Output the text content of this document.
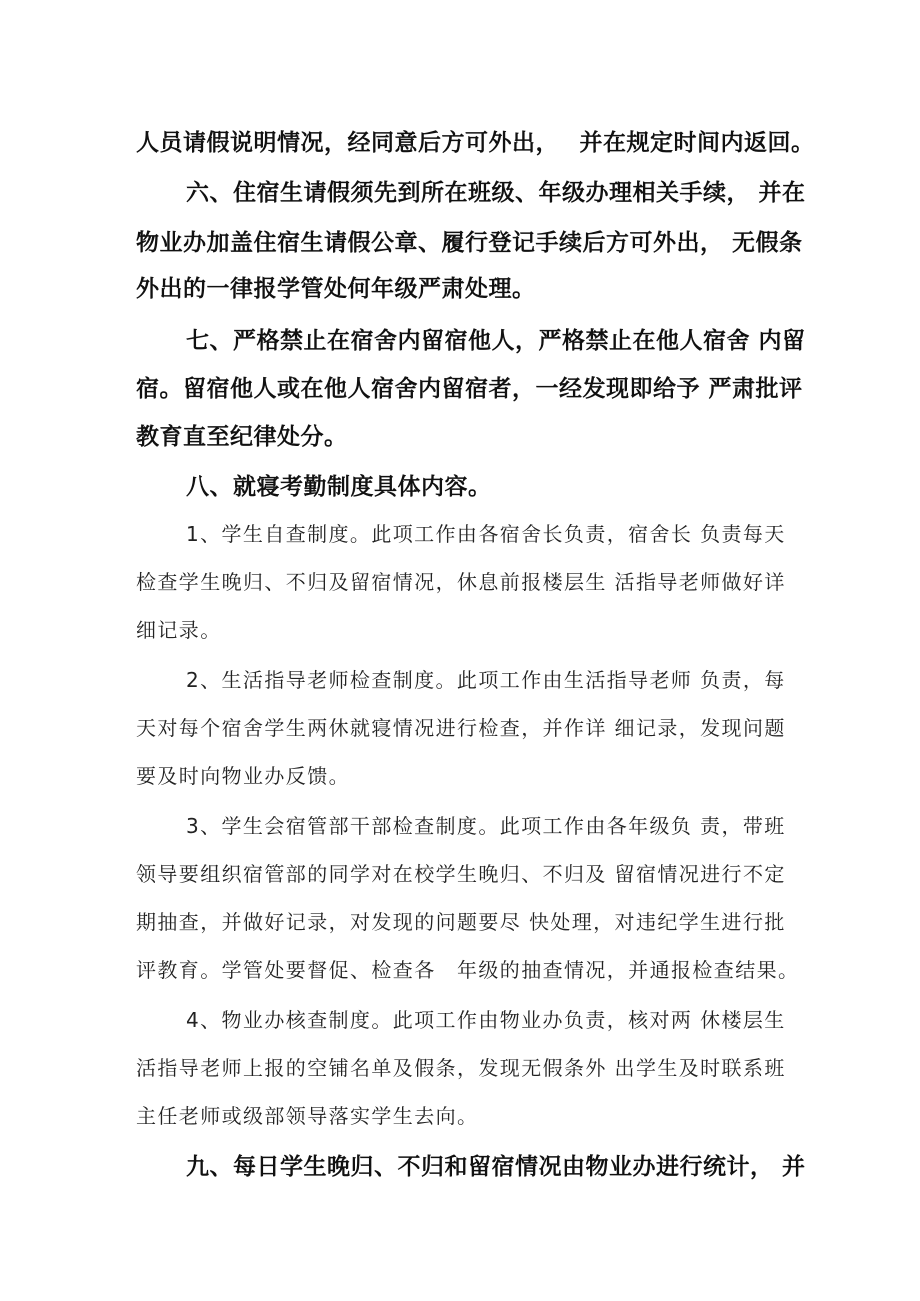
人员请假说明情况，经同意后方可外出，　 并在规定时间内返回。
六、住宿生请假须先到所在班级、年级办理相关手续， 并在
物业办加盖住宿生请假公章、履行登记手续后方可外出， 无假条
外出的一律报学管处何年级严肃处理。
七、严格禁止在宿舍内留宿他人，严格禁止在他人宿舍 内留
宿。留宿他人或在他人宿舍内留宿者，一经发现即给予 严肃批评
教育直至纪律处分。
八、就寝考勤制度具体内容。
1、学生自查制度。此项工作由各宿舍长负责，宿舍长 负责每天
检查学生晚归、不归及留宿情况，休息前报楼层生 活指导老师做好详
细记录。
2、生活指导老师检查制度。此项工作由生活指导老师 负责，每
天对每个宿舍学生两休就寝情况进行检查，并作详 细记录，发现问题
要及时向物业办反馈。
3、学生会宿管部干部检查制度。此项工作由各年级负 责，带班
领导要组织宿管部的同学对在校学生晚归、不归及 留宿情况进行不定
期抽查，并做好记录，对发现的问题要尽 快处理，对违纪学生进行批
评教育。学管处要督促、检查各　年级的抽查情况，并通报检查结果。
4、物业办核查制度。此项工作由物业办负责，核对两 休楼层生
活指导老师上报的空铺名单及假条，发现无假条外 出学生及时联系班
主任老师或级部领导落实学生去向。
九、每日学生晚归、不归和留宿情况由物业办进行统计， 并
